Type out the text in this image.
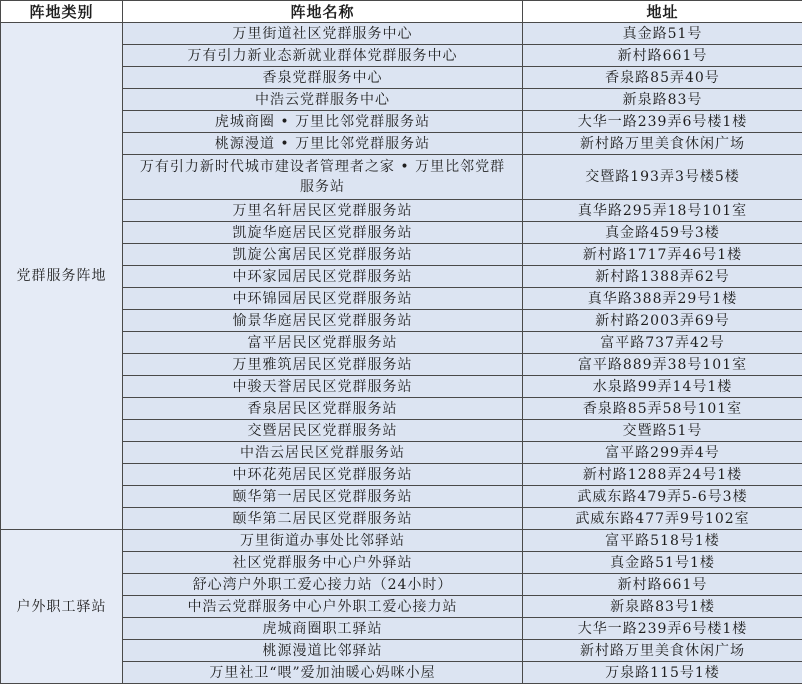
阵地类别	阵地名称	地址
党群服务阵地	万里街道社区党群服务中心	真金路51号
	万有引力新业态新就业群体党群服务中心	新村路661号
	香泉党群服务中心	香泉路85弄40号
	中浩云党群服务中心	新泉路83号
	虎城商圈 • 万里比邻党群服务站	大华一路239弄6号楼1楼
	桃源漫道 • 万里比邻党群服务站	新村路万里美食休闲广场
	万有引力新时代城市建设者管理者之家 • 万里比邻党群服务站	交暨路193弄3号楼5楼
	万里名轩居民区党群服务站	真华路295弄18号101室
	凯旋华庭居民区党群服务站	真金路459号3楼
	凯旋公寓居民区党群服务站	新村路1717弄46号1楼
	中环家园居民区党群服务站	新村路1388弄62号
	中环锦园居民区党群服务站	真华路388弄29号1楼
	愉景华庭居民区党群服务站	新村路2003弄69号
	富平居民区党群服务站	富平路737弄42号
	万里雅筑居民区党群服务站	富平路889弄38号101室
	中骏天誉居民区党群服务站	水泉路99弄14号1楼
	香泉居民区党群服务站	香泉路85弄58号101室
	交暨居民区党群服务站	交暨路51号
	中浩云居民区党群服务站	富平路299弄4号
	中环花苑居民区党群服务站	新村路1288弄24号1楼
	颐华第一居民区党群服务站	武威东路479弄5-6号3楼
	颐华第二居民区党群服务站	武威东路477弄9号102室
户外职工驿站	万里街道办事处比邻驿站	富平路518号1楼
	社区党群服务中心户外驿站	真金路51号1楼
	舒心湾户外职工爱心接力站（24小时）	新村路661号
	中浩云党群服务中心户外职工爱心接力站	新泉路83号1楼
	虎城商圈职工驿站	大华一路239弄6号楼1楼
	桃源漫道比邻驿站	新村路万里美食休闲广场
	万里社卫“喂”爱加油暖心妈咪小屋	万泉路115号1楼
